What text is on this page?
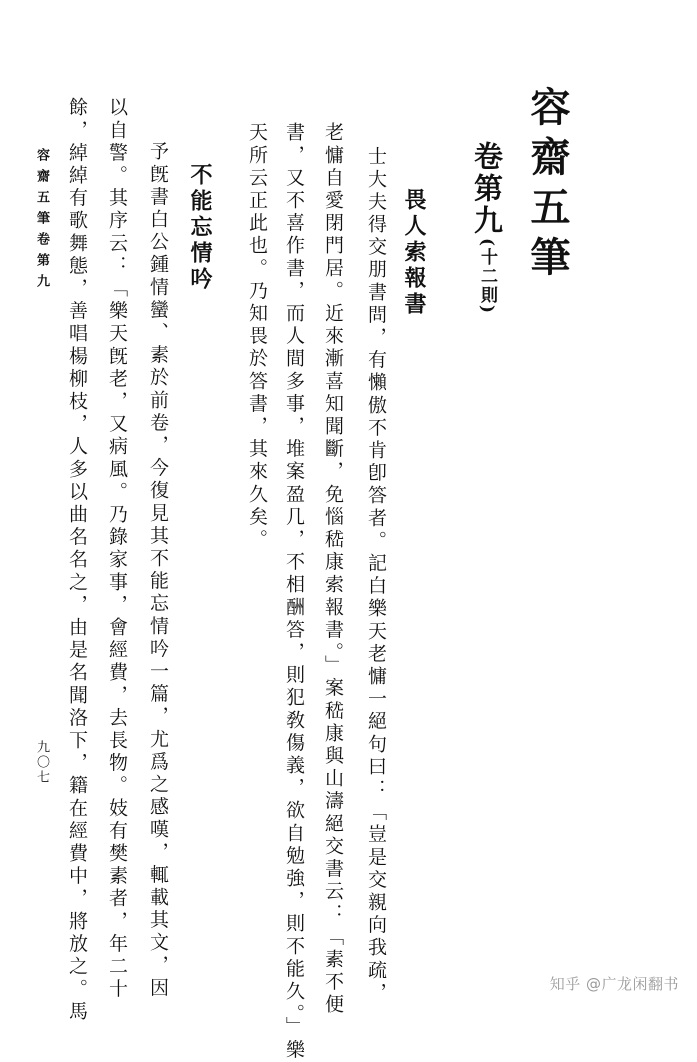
容齋五筆
卷第九
(十二則)
畏人索報書
士大夫得交朋書問，有懶傲不肯卽答者。記白樂天老慵一絕句曰：「豈是交親向我疏，
老慵自愛閉門居。近來漸喜知聞斷，免惱嵇康索報書。」案嵇康與山濤絕交書云：「素不便
書，又不喜作書，而人間多事，堆案盈几，不相酬答，則犯敎傷義，欲自勉強，則不能久。」樂
天所云正此也。乃知畏於答書，其來久矣。
不能忘情吟
予旣書白公鍾情蠻、素於前卷，今復見其不能忘情吟一篇，尤爲之感嘆，輒載其文，因
以自警。其序云：「樂天旣老，又病風。乃錄家事，會經費，去長物。妓有樊素者，年二十
餘，綽綽有歌舞態，善唱楊柳枝，人多以曲名名之，由是名聞洛下，籍在經費中，將放之。馬
容齋五筆卷第九
九〇七
知乎 @广龙闲翻书
